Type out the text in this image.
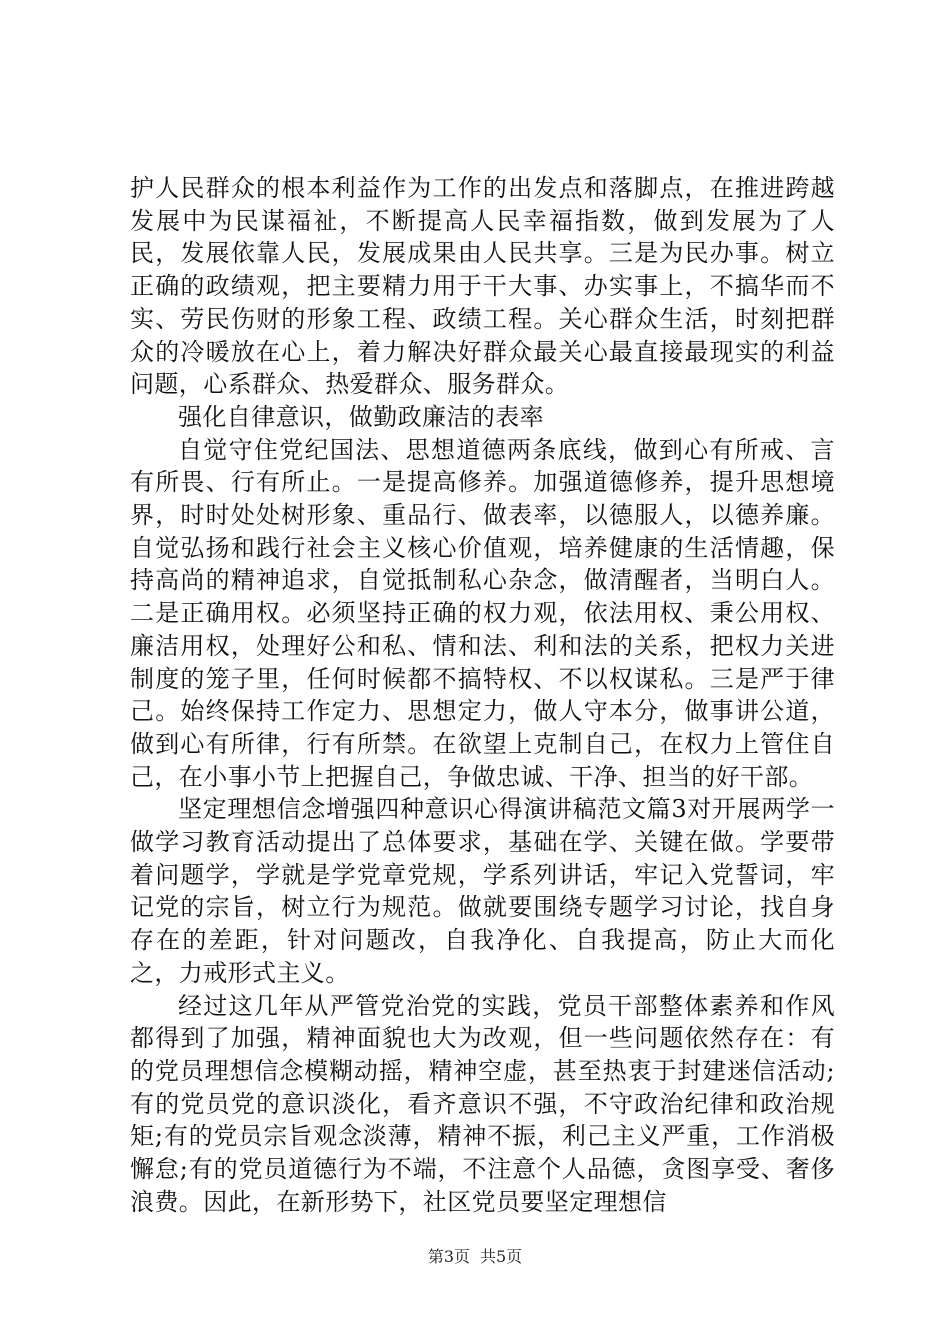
护人民群众的根本利益作为工作的出发点和落脚点，在推进跨越发展中为民谋福祉，不断提高人民幸福指数，做到发展为了人民，发展依靠人民，发展成果由人民共享。三是为民办事。树立正确的政绩观，把主要精力用于干大事、办实事上，不搞华而不实、劳民伤财的形象工程、政绩工程。关心群众生活，时刻把群众的冷暖放在心上，着力解决好群众最关心最直接最现实的利益问题，心系群众、热爱群众、服务群众。

强化自律意识，做勤政廉洁的表率

自觉守住党纪国法、思想道德两条底线，做到心有所戒、言有所畏、行有所止。一是提高修养。加强道德修养，提升思想境界，时时处处树形象、重品行、做表率，以德服人，以德养廉。自觉弘扬和践行社会主义核心价值观，培养健康的生活情趣，保持高尚的精神追求，自觉抵制私心杂念，做清醒者，当明白人。二是正确用权。必须坚持正确的权力观，依法用权、秉公用权、廉洁用权，处理好公和私、情和法、利和法的关系，把权力关进制度的笼子里，任何时候都不搞特权、不以权谋私。三是严于律己。始终保持工作定力、思想定力，做人守本分，做事讲公道，做到心有所律，行有所禁。在欲望上克制自己，在权力上管住自己，在小事小节上把握自己，争做忠诚、干净、担当的好干部。

坚定理想信念增强四种意识心得演讲稿范文篇3对开展两学一做学习教育活动提出了总体要求，基础在学、关键在做。学要带着问题学，学就是学党章党规，学系列讲话，牢记入党誓词，牢记党的宗旨，树立行为规范。做就要围绕专题学习讨论，找自身存在的差距，针对问题改，自我净化、自我提高，防止大而化之，力戒形式主义。

经过这几年从严管党治党的实践，党员干部整体素养和作风都得到了加强，精神面貌也大为改观，但一些问题依然存在：有的党员理想信念模糊动摇，精神空虚，甚至热衷于封建迷信活动;有的党员党的意识淡化，看齐意识不强，不守政治纪律和政治规矩;有的党员宗旨观念淡薄，精神不振，利己主义严重，工作消极懈怠;有的党员道德行为不端，不注意个人品德，贪图享受、奢侈浪费。因此，在新形势下，社区党员要坚定理想信

第3页 共5页
